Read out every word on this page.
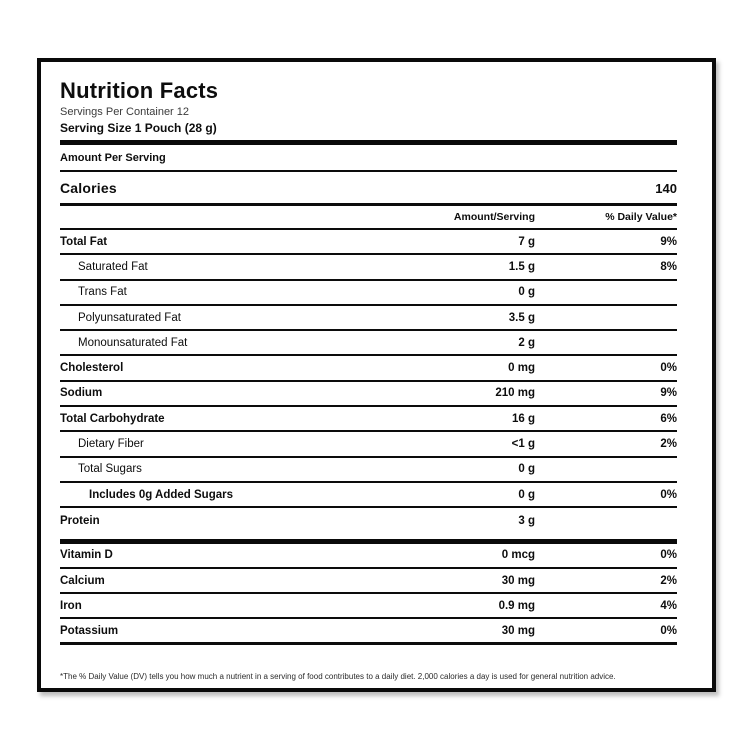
Nutrition Facts
Servings Per Container 12
Serving Size 1 Pouch (28 g)
Amount Per Serving
Calories	140
Amount/Serving	% Daily Value*
Total Fat	7 g	9%
Saturated Fat	1.5 g	8%
Trans Fat	0 g
Polyunsaturated Fat	3.5 g
Monounsaturated Fat	2 g
Cholesterol	0 mg	0%
Sodium	210 mg	9%
Total Carbohydrate	16 g	6%
Dietary Fiber	<1 g	2%
Total Sugars	0 g
Includes 0g Added Sugars	0 g	0%
Protein	3 g
Vitamin D	0 mcg	0%
Calcium	30 mg	2%
Iron	0.9 mg	4%
Potassium	30 mg	0%
*The % Daily Value (DV) tells you how much a nutrient in a serving of food contributes to a daily diet. 2,000 calories a day is used for general nutrition advice.
